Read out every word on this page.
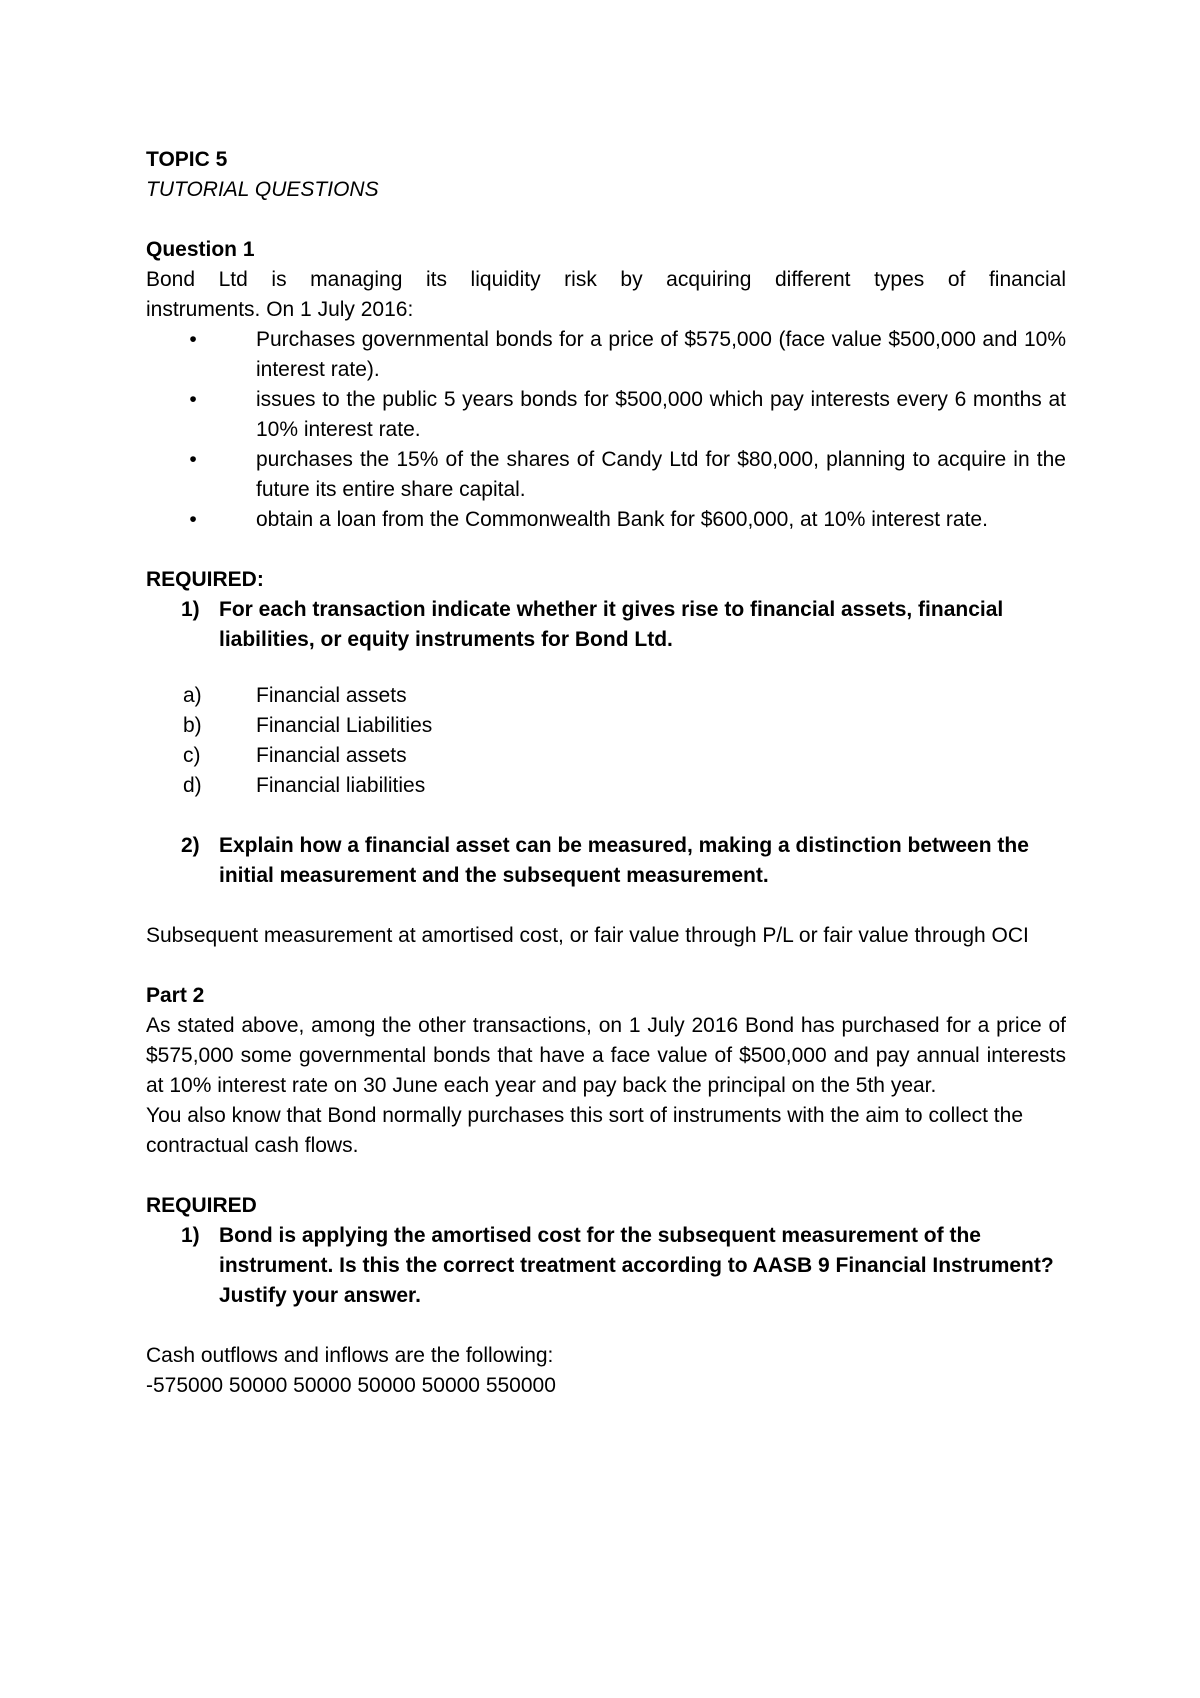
TOPIC 5

TUTORIAL QUESTIONS

Question 1

Bond Ltd is managing its liquidity risk by acquiring different types of financial

instruments. On 1 July 2016:

•	Purchases governmental bonds for a price of $575,000 (face value $500,000 and 10% interest rate).

•	issues to the public 5 years bonds for $500,000 which pay interests every 6 months at 10% interest rate.

•	purchases the 15% of the shares of Candy Ltd for $80,000, planning to acquire in the future its entire share capital.

•	obtain a loan from the Commonwealth Bank for $600,000, at 10% interest rate.

REQUIRED:

1) For each transaction indicate whether it gives rise to financial assets, financial liabilities, or equity instruments for Bond Ltd.

a)	Financial assets

b)	Financial Liabilities

c)	Financial assets

d)	Financial liabilities

2) Explain how a financial asset can be measured, making a distinction between the initial measurement and the subsequent measurement.

Subsequent measurement at amortised cost, or fair value through P/L or fair value through OCI

Part 2

As stated above, among the other transactions, on 1 July 2016 Bond has purchased for a price of $575,000 some governmental bonds that have a face value of $500,000 and pay annual interests at 10% interest rate on 30 June each year and pay back the principal on the 5th year.

You also know that Bond normally purchases this sort of instruments with the aim to collect the contractual cash flows.

REQUIRED

1) Bond is applying the amortised cost for the subsequent measurement of the instrument. Is this the correct treatment according to AASB 9 Financial Instrument? Justify your answer.

Cash outflows and inflows are the following:

-575000 50000 50000 50000 50000 550000
